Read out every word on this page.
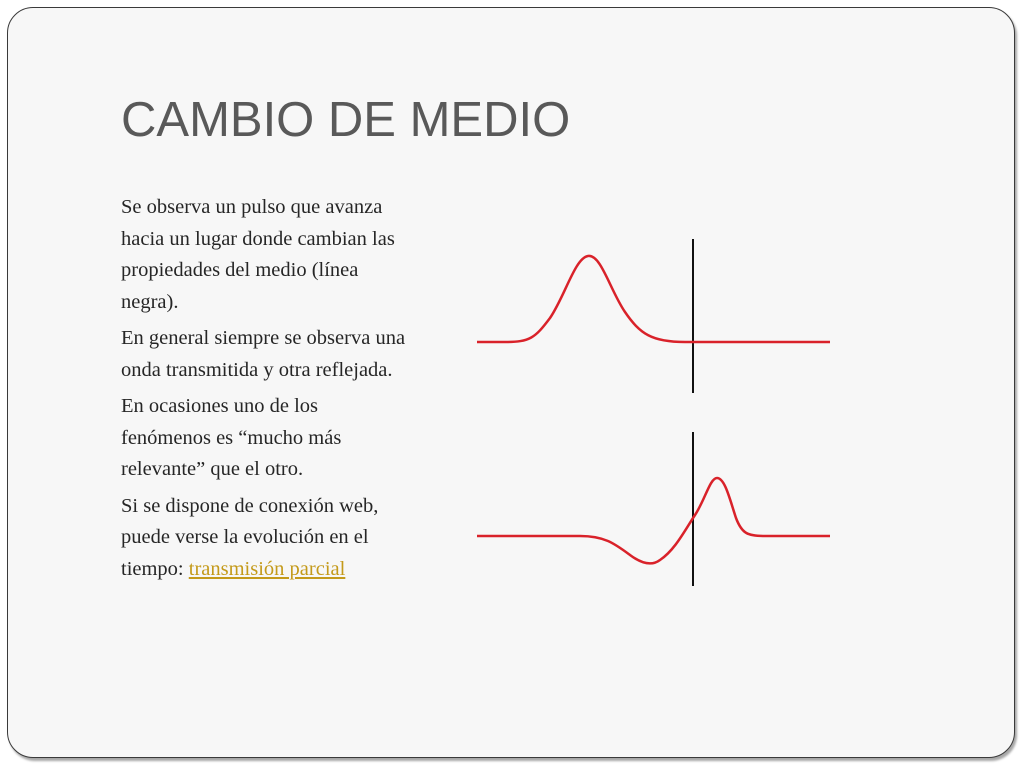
CAMBIO DE MEDIO

Se observa un pulso que avanza hacia un lugar donde cambian las propiedades del medio (línea negra).

En general siempre se observa una onda transmitida y otra reflejada.

En ocasiones uno de los fenómenos es “mucho más relevante” que el otro.

Si se dispone de conexión web, puede verse la evolución en el tiempo: transmisión parcial
